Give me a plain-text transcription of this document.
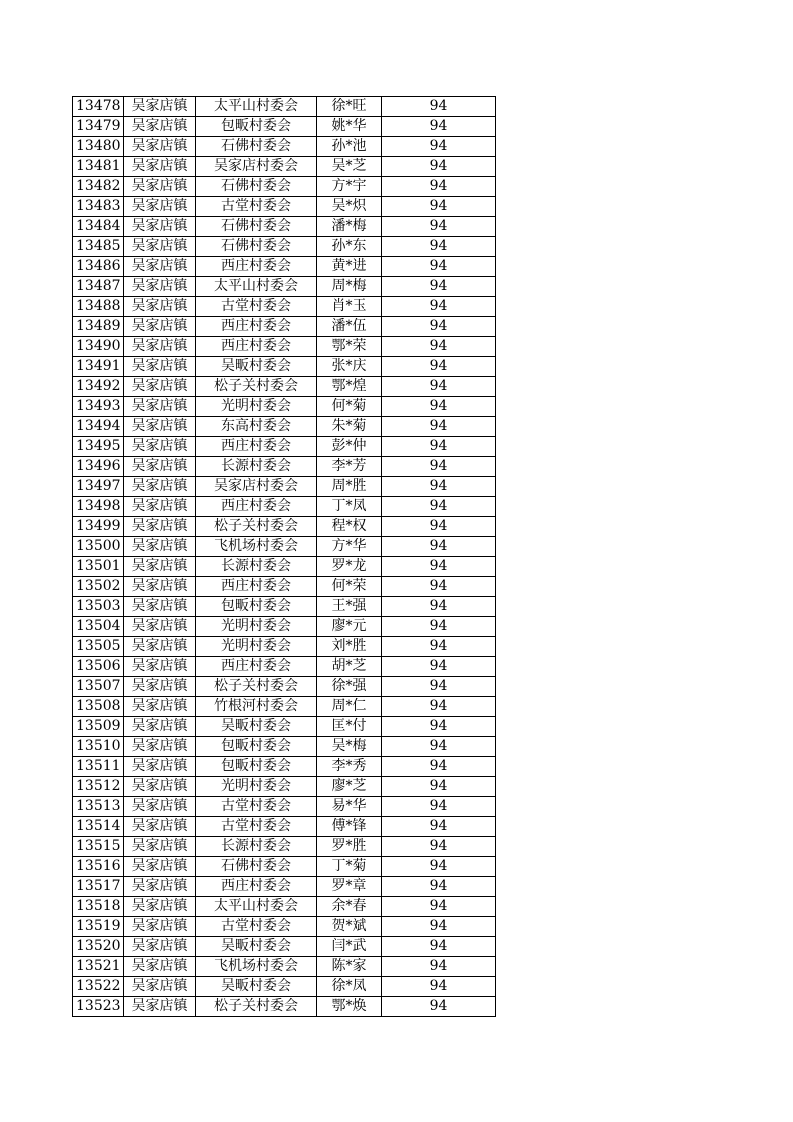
13478	吴家店镇	太平山村委会	徐*旺	94
13479	吴家店镇	包畈村委会	姚*华	94
13480	吴家店镇	石佛村委会	孙*池	94
13481	吴家店镇	吴家店村委会	吴*芝	94
13482	吴家店镇	石佛村委会	方*宇	94
13483	吴家店镇	古堂村委会	吴*炽	94
13484	吴家店镇	石佛村委会	潘*梅	94
13485	吴家店镇	石佛村委会	孙*东	94
13486	吴家店镇	西庄村委会	黄*进	94
13487	吴家店镇	太平山村委会	周*梅	94
13488	吴家店镇	古堂村委会	肖*玉	94
13489	吴家店镇	西庄村委会	潘*伍	94
13490	吴家店镇	西庄村委会	鄂*荣	94
13491	吴家店镇	吴畈村委会	张*庆	94
13492	吴家店镇	松子关村委会	鄂*煌	94
13493	吴家店镇	光明村委会	何*菊	94
13494	吴家店镇	东高村委会	朱*菊	94
13495	吴家店镇	西庄村委会	彭*仲	94
13496	吴家店镇	长源村委会	李*芳	94
13497	吴家店镇	吴家店村委会	周*胜	94
13498	吴家店镇	西庄村委会	丁*凤	94
13499	吴家店镇	松子关村委会	程*权	94
13500	吴家店镇	飞机场村委会	方*华	94
13501	吴家店镇	长源村委会	罗*龙	94
13502	吴家店镇	西庄村委会	何*荣	94
13503	吴家店镇	包畈村委会	王*强	94
13504	吴家店镇	光明村委会	廖*元	94
13505	吴家店镇	光明村委会	刘*胜	94
13506	吴家店镇	西庄村委会	胡*芝	94
13507	吴家店镇	松子关村委会	徐*强	94
13508	吴家店镇	竹根河村委会	周*仁	94
13509	吴家店镇	吴畈村委会	匡*付	94
13510	吴家店镇	包畈村委会	吴*梅	94
13511	吴家店镇	包畈村委会	李*秀	94
13512	吴家店镇	光明村委会	廖*芝	94
13513	吴家店镇	古堂村委会	易*华	94
13514	吴家店镇	古堂村委会	傅*锋	94
13515	吴家店镇	长源村委会	罗*胜	94
13516	吴家店镇	石佛村委会	丁*菊	94
13517	吴家店镇	西庄村委会	罗*章	94
13518	吴家店镇	太平山村委会	余*春	94
13519	吴家店镇	古堂村委会	贺*斌	94
13520	吴家店镇	吴畈村委会	闫*武	94
13521	吴家店镇	飞机场村委会	陈*家	94
13522	吴家店镇	吴畈村委会	徐*凤	94
13523	吴家店镇	松子关村委会	鄂*焕	94
